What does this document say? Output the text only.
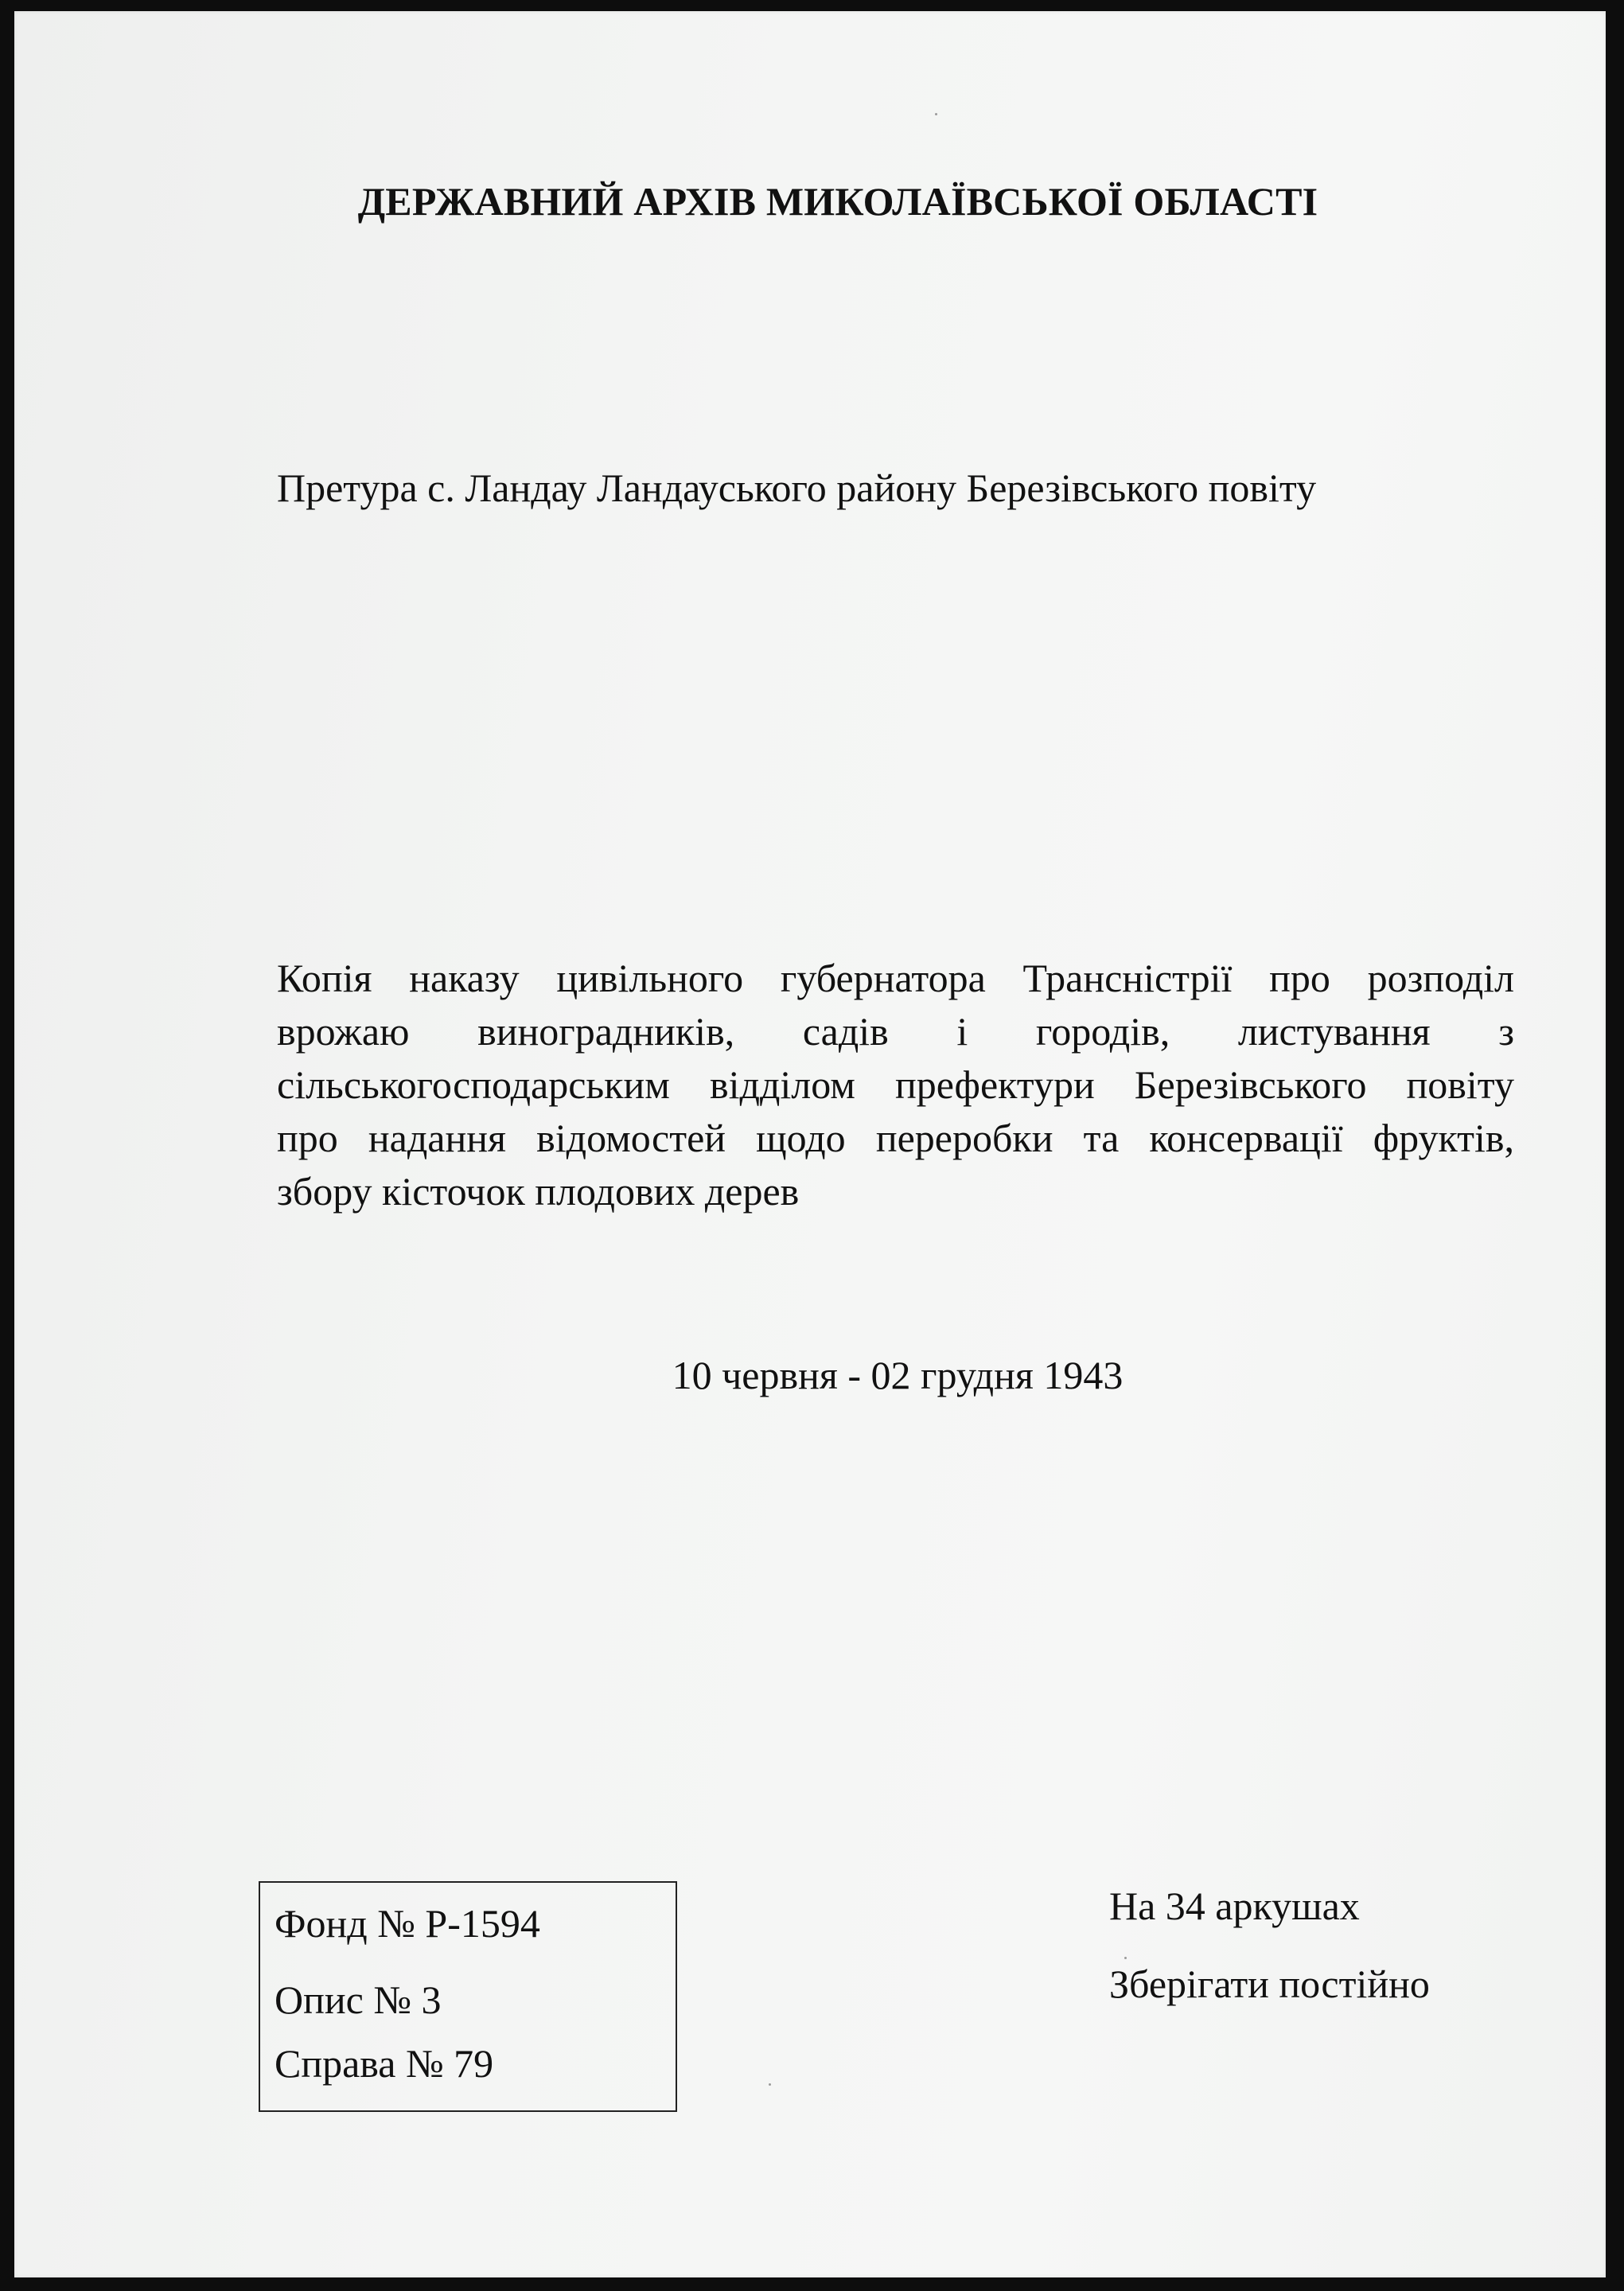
ДЕРЖАВНИЙ АРХІВ МИКОЛАЇВСЬКОЇ ОБЛАСТІ
Претура с. Ландау Ландауського району Березівського повіту
Копія наказу цивільного губернатора Трансністрії про розподіл
врожаю виноградників, садів і городів, листування з
сільськогосподарським відділом префектури Березівського повіту
про надання відомостей щодо переробки та консервації фруктів,
збору кісточок плодових дерев
10 червня - 02 грудня 1943
Фонд № Р-1594
Опис № 3
Справа № 79
На 34 аркушах
Зберігати постійно
